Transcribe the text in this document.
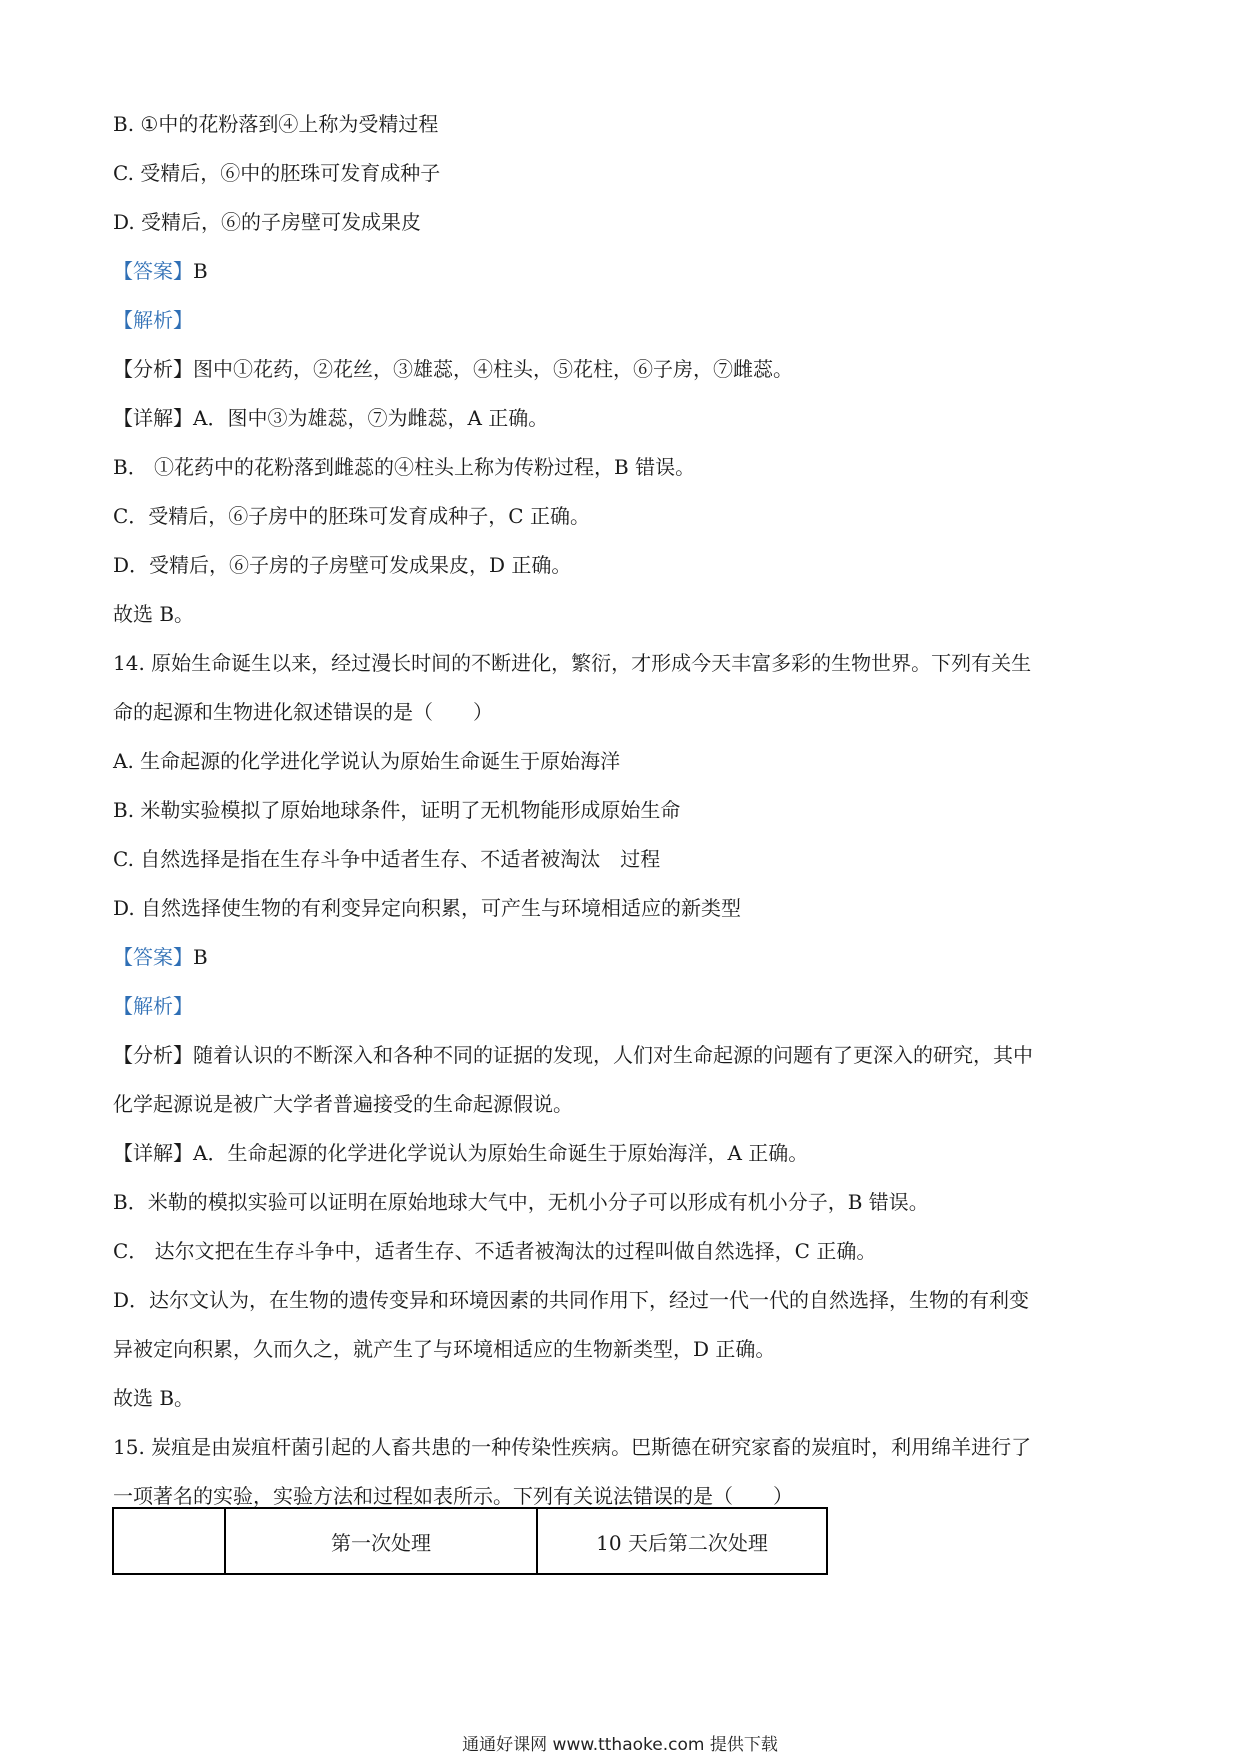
B. ①中的花粉落到④上称为受精过程
C. 受精后，⑥中的胚珠可发育成种子
D. 受精后，⑥的子房壁可发成果皮
【答案】B
【解析】
【分析】图中①花药，②花丝，③雄蕊，④柱头，⑤花柱，⑥子房，⑦雌蕊。
【详解】A．图中③为雄蕊，⑦为雌蕊，A 正确。
B． ①花药中的花粉落到雌蕊的④柱头上称为传粉过程，B 错误。
C．受精后，⑥子房中的胚珠可发育成种子，C 正确。
D．受精后，⑥子房的子房壁可发成果皮，D 正确。
故选 B。
14. 原始生命诞生以来，经过漫长时间的不断进化，繁衍，才形成今天丰富多彩的生物世界。下列有关生
命的起源和生物进化叙述错误的是（　　）
A. 生命起源的化学进化学说认为原始生命诞生于原始海洋
B. 米勒实验模拟了原始地球条件，证明了无机物能形成原始生命
C. 自然选择是指在生存斗争中适者生存、不适者被淘汰　过程
D. 自然选择使生物的有利变异定向积累，可产生与环境相适应的新类型
【答案】B
【解析】
【分析】随着认识的不断深入和各种不同的证据的发现，人们对生命起源的问题有了更深入的研究，其中
化学起源说是被广大学者普遍接受的生命起源假说。
【详解】A．生命起源的化学进化学说认为原始生命诞生于原始海洋，A 正确。
B．米勒的模拟实验可以证明在原始地球大气中，无机小分子可以形成有机小分子，B 错误。
C． 达尔文把在生存斗争中，适者生存、不适者被淘汰的过程叫做自然选择，C 正确。
D．达尔文认为，在生物的遗传变异和环境因素的共同作用下，经过一代一代的自然选择，生物的有利变
异被定向积累，久而久之，就产生了与环境相适应的生物新类型，D 正确。
故选 B。
15. 炭疽是由炭疽杆菌引起的人畜共患的一种传染性疾病。巴斯德在研究家畜的炭疽时，利用绵羊进行了
一项著名的实验，实验方法和过程如表所示。下列有关说法错误的是（　　）
	第一次处理	10 天后第二次处理
通通好课网 www.tthaoke.com 提供下载
